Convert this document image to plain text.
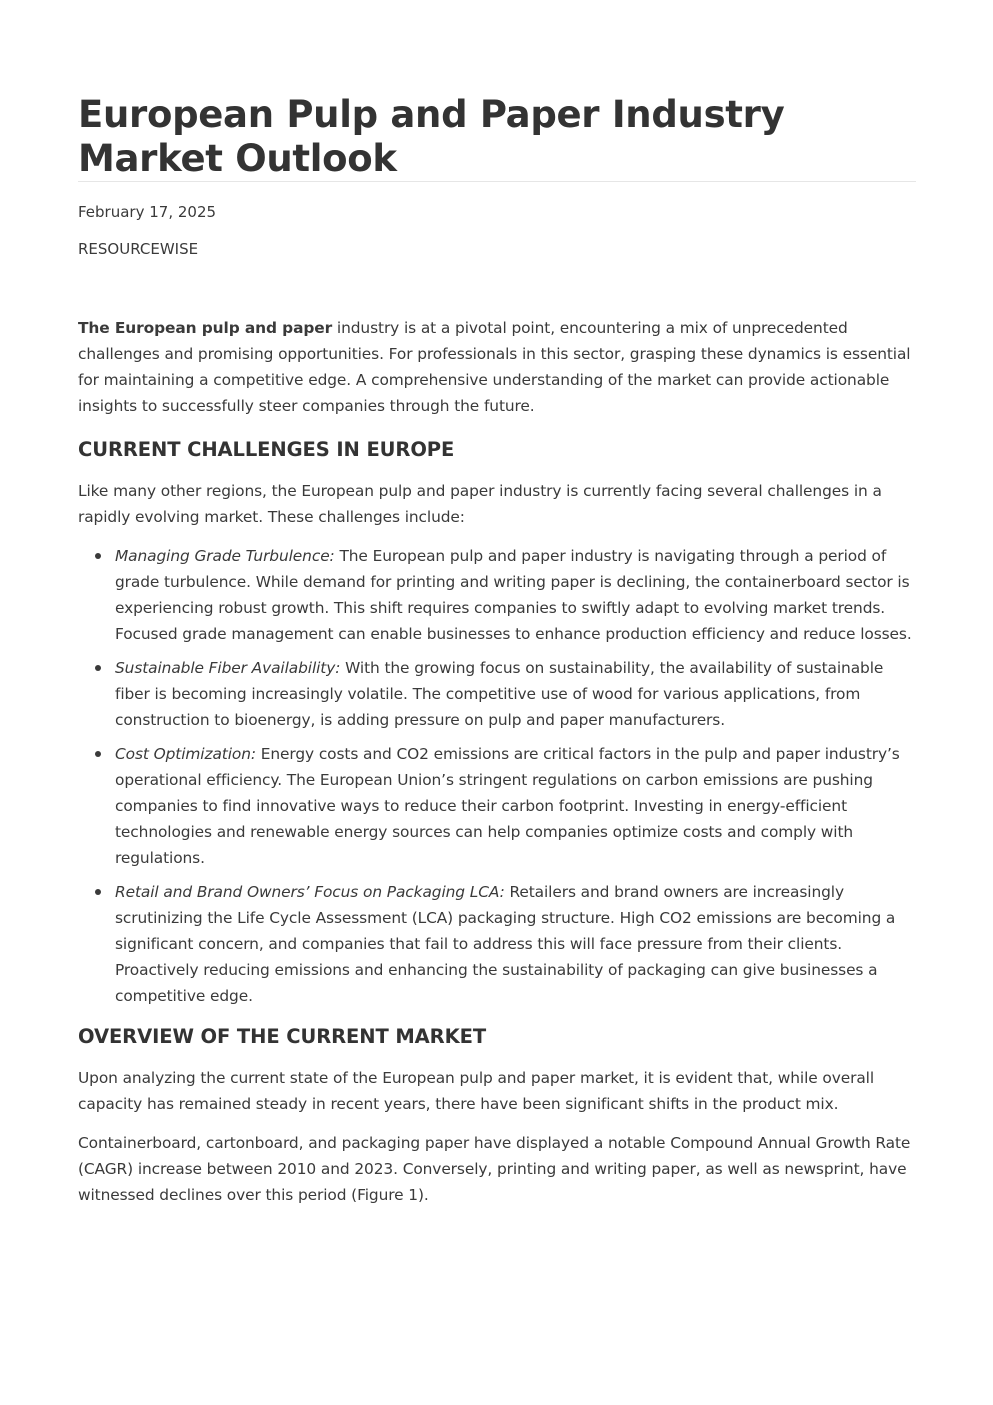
European Pulp and Paper Industry Market Outlook
February 17, 2025
RESOURCEWISE

The European pulp and paper industry is at a pivotal point, encountering a mix of unprecedented challenges and promising opportunities. For professionals in this sector, grasping these dynamics is essential for maintaining a competitive edge. A comprehensive understanding of the market can provide actionable insights to successfully steer companies through the future.

CURRENT CHALLENGES IN EUROPE

Like many other regions, the European pulp and paper industry is currently facing several challenges in a rapidly evolving market. These challenges include:

Managing Grade Turbulence: The European pulp and paper industry is navigating through a period of grade turbulence. While demand for printing and writing paper is declining, the containerboard sector is experiencing robust growth. This shift requires companies to swiftly adapt to evolving market trends. Focused grade management can enable businesses to enhance production efficiency and reduce losses.
Sustainable Fiber Availability: With the growing focus on sustainability, the availability of sustainable fiber is becoming increasingly volatile. The competitive use of wood for various applications, from construction to bioenergy, is adding pressure on pulp and paper manufacturers.
Cost Optimization: Energy costs and CO2 emissions are critical factors in the pulp and paper industry’s operational efficiency. The European Union’s stringent regulations on carbon emissions are pushing companies to find innovative ways to reduce their carbon footprint. Investing in energy-efficient technologies and renewable energy sources can help companies optimize costs and comply with regulations.
Retail and Brand Owners’ Focus on Packaging LCA: Retailers and brand owners are increasingly scrutinizing the Life Cycle Assessment (LCA) packaging structure. High CO2 emissions are becoming a significant concern, and companies that fail to address this will face pressure from their clients. Proactively reducing emissions and enhancing the sustainability of packaging can give businesses a competitive edge.
OVERVIEW OF THE CURRENT MARKET

Upon analyzing the current state of the European pulp and paper market, it is evident that, while overall capacity has remained steady in recent years, there have been significant shifts in the product mix.

Containerboard, cartonboard, and packaging paper have displayed a notable Compound Annual Growth Rate (CAGR) increase between 2010 and 2023. Conversely, printing and writing paper, as well as newsprint, have witnessed declines over this period (Figure 1).
